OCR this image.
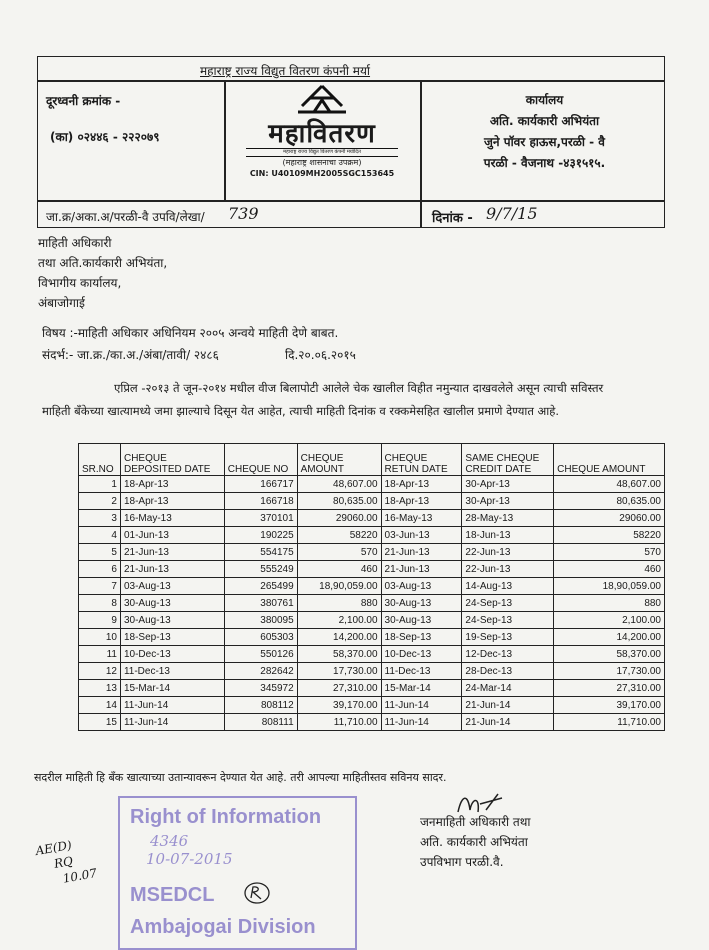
महाराष्ट्र राज्य विद्युत वितरण कंपनी मर्या
दूरध्वनी क्रमांक -
(का) ०२४४६ - २२२०७९	महावितरण
महाराष्ट्र राज्य विद्युत वितरण कंपनी मर्यादित
(महाराष्ट्र शासनाचा उपक्रम)
CIN: U40109MH2005SGC153645
कार्यालय
अति. कार्यकारी अभियंता
जुने पॉवर हाऊस,परळी - वै
परळी - वैजनाथ -४३१५१५.
जा.क्र/अका.अ/परळी-वै उपवि/लेखा/ 739	दिनांक - 9/7/15
माहिती अधिकारी
तथा अति.कार्यकारी अभियंता,
विभागीय कार्यालय,
अंबाजोगाई
विषय :-माहिती अधिकार अधिनियम २००५ अन्वये माहिती देणे बाबत.
संदर्भ:- जा.क्र./का.अ./अंबा/तावी/ २४८६	दि.२०.०६.२०१५
एप्रिल -२०१३ ते जून-२०१४ मधील वीज बिलापोटी आलेले चेक खालील विहीत नमुन्यात दाखवलेले असून त्याची सविस्तर
माहिती बँकेच्या खात्यामध्ये जमा झाल्याचे दिसून येत आहेत, त्याची माहिती दिनांक व रक्कमेसहित खालील प्रमाणे देण्यात आहे.
SR.NO	CHEQUE DEPOSITED DATE	CHEQUE NO	CHEQUE AMOUNT	CHEQUE RETUN DATE	SAME CHEQUE CREDIT DATE	CHEQUE AMOUNT
1	18-Apr-13	166717	48,607.00	18-Apr-13	30-Apr-13	48,607.00
2	18-Apr-13	166718	80,635.00	18-Apr-13	30-Apr-13	80,635.00
3	16-May-13	370101	29060.00	16-May-13	28-May-13	29060.00
4	01-Jun-13	190225	58220	03-Jun-13	18-Jun-13	58220
5	21-Jun-13	554175	570	21-Jun-13	22-Jun-13	570
6	21-Jun-13	555249	460	21-Jun-13	22-Jun-13	460
7	03-Aug-13	265499	18,90,059.00	03-Aug-13	14-Aug-13	18,90,059.00
8	30-Aug-13	380761	880	30-Aug-13	24-Sep-13	880
9	30-Aug-13	380095	2,100.00	30-Aug-13	24-Sep-13	2,100.00
10	18-Sep-13	605303	14,200.00	18-Sep-13	19-Sep-13	14,200.00
11	10-Dec-13	550126	58,370.00	10-Dec-13	12-Dec-13	58,370.00
12	11-Dec-13	282642	17,730.00	11-Dec-13	28-Dec-13	17,730.00
13	15-Mar-14	345972	27,310.00	15-Mar-14	24-Mar-14	27,310.00
14	11-Jun-14	808112	39,170.00	11-Jun-14	21-Jun-14	39,170.00
15	11-Jun-14	808111	11,710.00	11-Jun-14	21-Jun-14	11,710.00
सदरील माहिती हि बँक खात्याच्या उतान्यावरून देण्यात येत आहे. तरी आपल्या माहितीस्तव सविनय सादर.
जनमाहिती अधिकारी तथा
अति. कार्यकारी अभियंता
उपविभाग परळी.वै.
AE(D)
RQ
10.07
Right of Information
4346
10-07-2015
MSEDCL
Ambajogai Division
